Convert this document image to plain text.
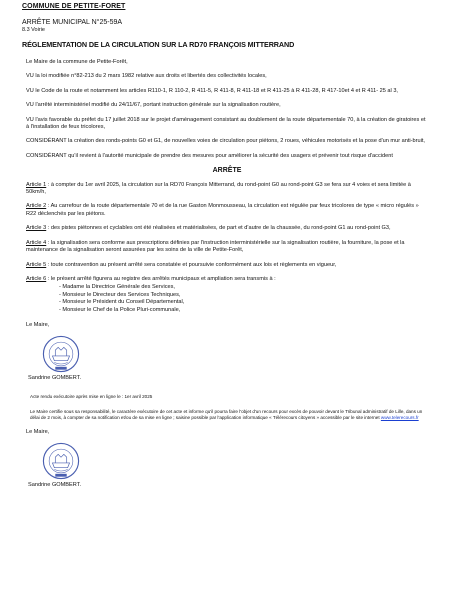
COMMUNE DE PETITE-FORET
ARRÊTE MUNICIPAL N°25-59A
8.3 Voirie
RÉGLEMENTATION DE LA CIRCULATION SUR LA RD70 FRANÇOIS MITTERRAND

Le Maire de la commune de Petite-Forêt,

VU la loi modifiée n°82-213 du 2 mars 1982 relative aux droits et libertés des collectivités locales,

VU le Code de la route et notamment les articles R110-1, R 110-2, R 411-5, R 411-8, R 411-18 et R 411-25 à R 411-28, R 417-10et 4 et R 411- 25 al 3,

VU l'arrêté interministériel modifié du 24/11/67, portant instruction générale sur la signalisation routière,

VU l'avis favorable du préfet du 17 juillet 2018 sur le projet d'aménagement consistant au doublement de la route départementale 70, à la création de giratoires et à l'installation de feux tricolores,

CONSIDÉRANT la création des ronds-points G0 et G1, de nouvelles voies de circulation pour piétons, 2 roues, véhicules motorisés et la pose d'un mur anti-bruit,

CONSIDÉRANT qu'il revient à l'autorité municipale de prendre des mesures pour améliorer la sécurité des usagers et prévenir tout risque d'accident

ARRÊTE

Article 1 : à compter du 1er avril 2025, la circulation sur la RD70 François Mitterrand, du rond-point G0 au rond-point G3 se fera sur 4 voies et sera limitée à 50km/h,

Article 2 : Au carrefour de la route départementale 70 et de la rue Gaston Monmousseau, la circulation est régulée par feux tricolores de type « micro régulés » R22 déclenchés par les piétons.

Article 3 : des pistes piétonnes et cyclables ont été réalisées et matérialisées, de part et d'autre de la chaussée, du rond-point G1 au rond-point G3,

Article 4 : la signalisation sera conforme aux prescriptions définies par l'instruction interministérielle sur la signalisation routière, la fourniture, la pose et la maintenance de la signalisation seront assurées par les soins de la ville de Petite-Forêt,

Article 5 : toute contravention au présent arrêté sera constatée et poursuivie conformément aux lois et règlements en vigueur,

Article 6 : le présent arrêté figurera au registre des arrêtés municipaux et ampliation sera transmis à :

- Madame la Directrice Générale des Services,
- Monsieur le Directeur des Services Techniques,
- Monsieur le Président du Conseil Départemental,
- Monsieur le Chef de la Police Pluri-communale,
Le Maire,
Sandrine GOMBERT.
Acte rendu exécutoire après mise en ligne le : 1er avril 2025
Le Maire certifie sous sa responsabilité, le caractère exécutoire de cet acte et informe qu'il pourra faire l'objet d'un recours pour excès de pouvoir devant le Tribunal administratif de Lille, dans un délai de 2 mois, à compter de sa notification et/ou de sa mise en ligne ; saisine possible par l'application informatique « Télérecours citoyens » accessible par le site internet www.telerecours.fr
Le Maire,
Sandrine GOMBERT.
